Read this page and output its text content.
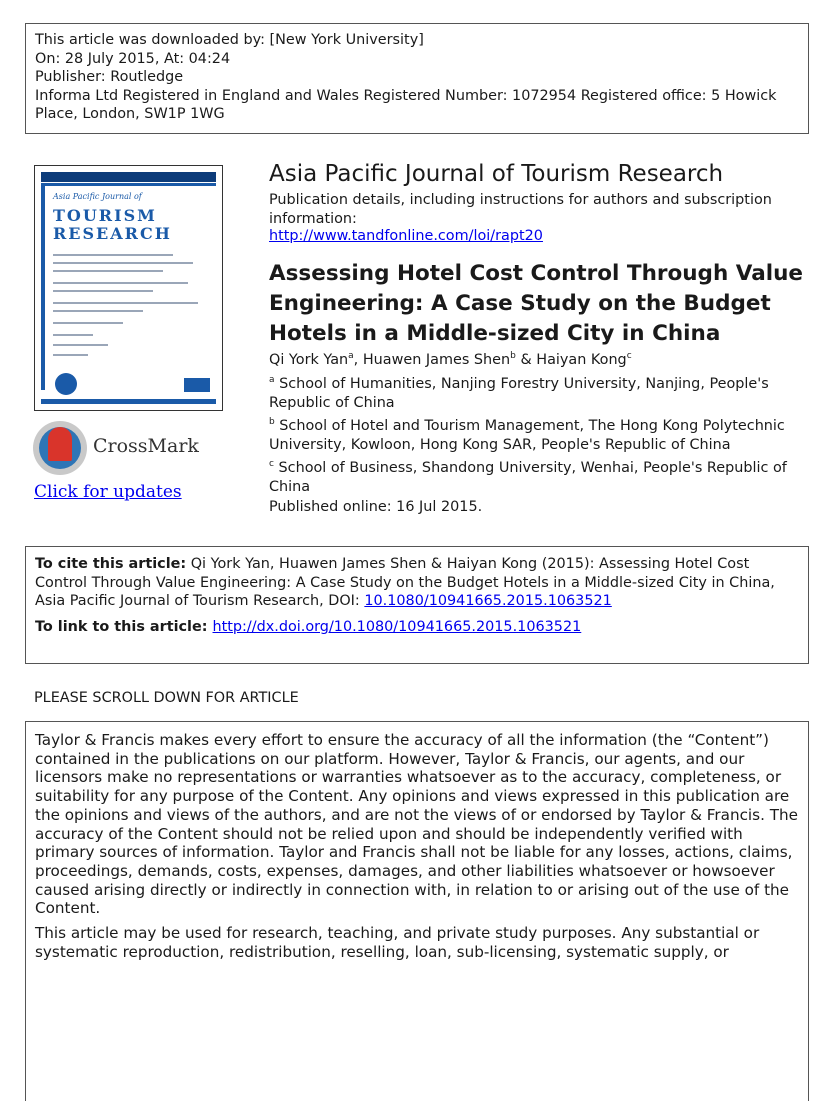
This article was downloaded by: [New York University]
On: 28 July 2015, At: 04:24
Publisher: Routledge
Informa Ltd Registered in England and Wales Registered Number: 1072954 Registered office: 5 Howick Place, London, SW1P 1WG
Asia Pacific Journal of
TOURISM
RESEARCH
CrossMark
Click for updates
Asia Pacific Journal of Tourism Research
Publication details, including instructions for authors and subscription information:
http://www.tandfonline.com/loi/rapt20
Assessing Hotel Cost Control Through Value Engineering: A Case Study on the Budget Hotels in a Middle-sized City in China
Qi York Yan$^a$, Huawen James Shen$^b$ & Haiyan Kong$^c$
$^a$ School of Humanities, Nanjing Forestry University, Nanjing, People's Republic of China
$^b$ School of Hotel and Tourism Management, The Hong Kong Polytechnic University, Kowloon, Hong Kong SAR, People's Republic of China
$^c$ School of Business, Shandong University, Wenhai, People's Republic of China
Published online: 16 Jul 2015.
To cite this article: Qi York Yan, Huawen James Shen & Haiyan Kong (2015): Assessing Hotel Cost Control Through Value Engineering: A Case Study on the Budget Hotels in a Middle-sized City in China, Asia Pacific Journal of Tourism Research, DOI: 10.1080/10941665.2015.1063521
To link to this article: http://dx.doi.org/10.1080/10941665.2015.1063521
PLEASE SCROLL DOWN FOR ARTICLE

Taylor & Francis makes every effort to ensure the accuracy of all the information (the “Content”) contained in the publications on our platform. However, Taylor & Francis, our agents, and our licensors make no representations or warranties whatsoever as to the accuracy, completeness, or suitability for any purpose of the Content. Any opinions and views expressed in this publication are the opinions and views of the authors, and are not the views of or endorsed by Taylor & Francis. The accuracy of the Content should not be relied upon and should be independently verified with primary sources of information. Taylor and Francis shall not be liable for any losses, actions, claims, proceedings, demands, costs, expenses, damages, and other liabilities whatsoever or howsoever caused arising directly or indirectly in connection with, in relation to or arising out of the use of the Content.

This article may be used for research, teaching, and private study purposes. Any substantial or systematic reproduction, redistribution, reselling, loan, sub-licensing, systematic supply, or
